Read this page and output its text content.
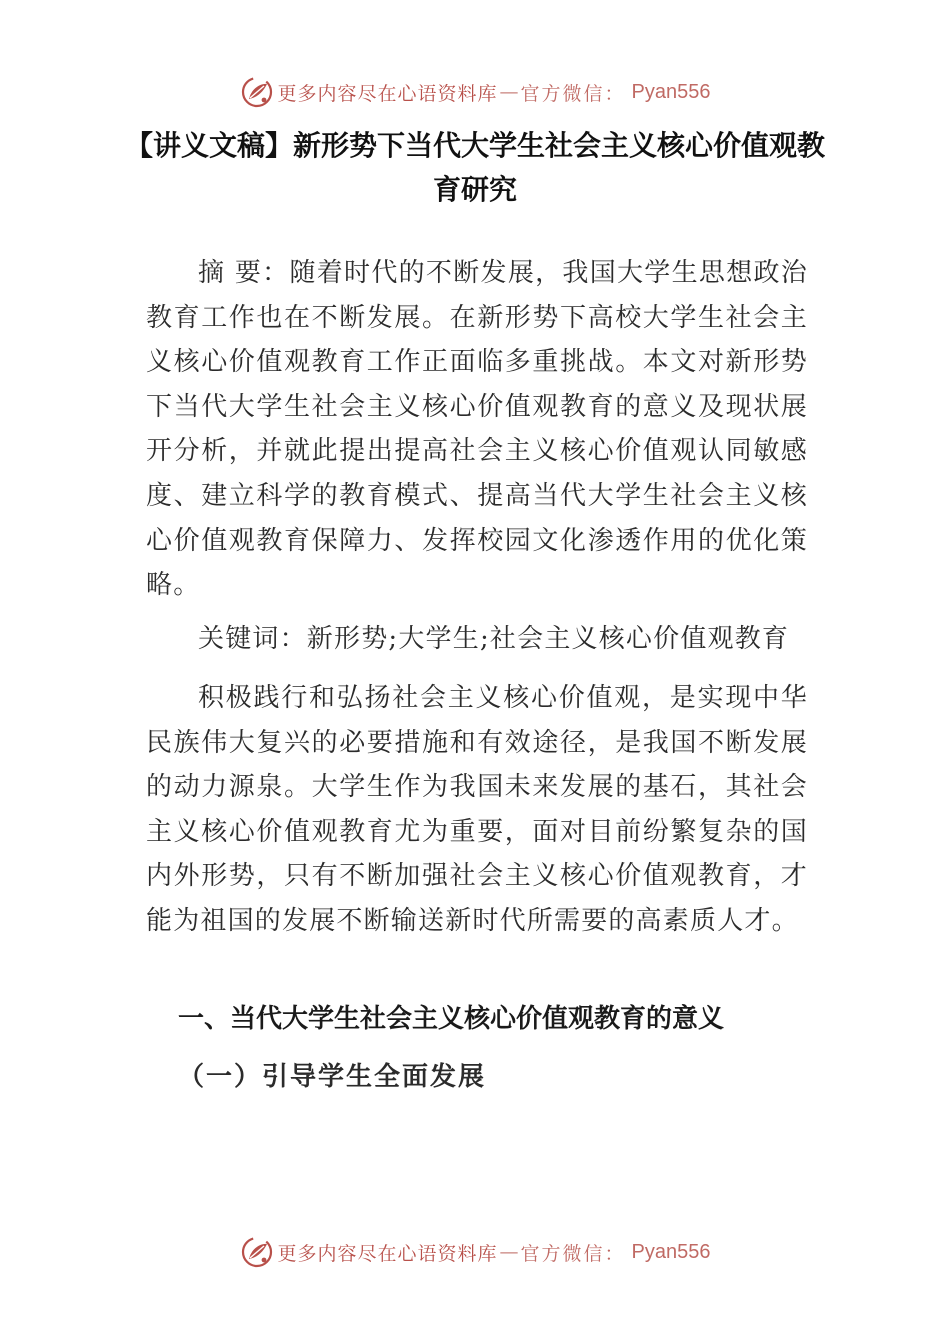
更多内容尽在心语资料库 — 官方微信： Pyan556
【讲义文稿】新形势下当代大学生社会主义核心价值观教育研究

摘 要：随着时代的不断发展，我国大学生思想政治教育工作也在不断发展。在新形势下高校大学生社会主义核心价值观教育工作正面临多重挑战。本文对新形势下当代大学生社会主义核心价值观教育的意义及现状展开分析，并就此提出提高社会主义核心价值观认同敏感度、建立科学的教育模式、提高当代大学生社会主义核心价值观教育保障力、发挥校园文化渗透作用的优化策略。

关键词：新形势;大学生;社会主义核心价值观教育

积极践行和弘扬社会主义核心价值观，是实现中华民族伟大复兴的必要措施和有效途径，是我国不断发展的动力源泉。大学生作为我国未来发展的基石，其社会主义核心价值观教育尤为重要，面对目前纷繁复杂的国内外形势，只有不断加强社会主义核心价值观教育，才能为祖国的发展不断输送新时代所需要的高素质人才。

一、当代大学生社会主义核心价值观教育的意义
（一）引导学生全面发展
更多内容尽在心语资料库 — 官方微信： Pyan556
